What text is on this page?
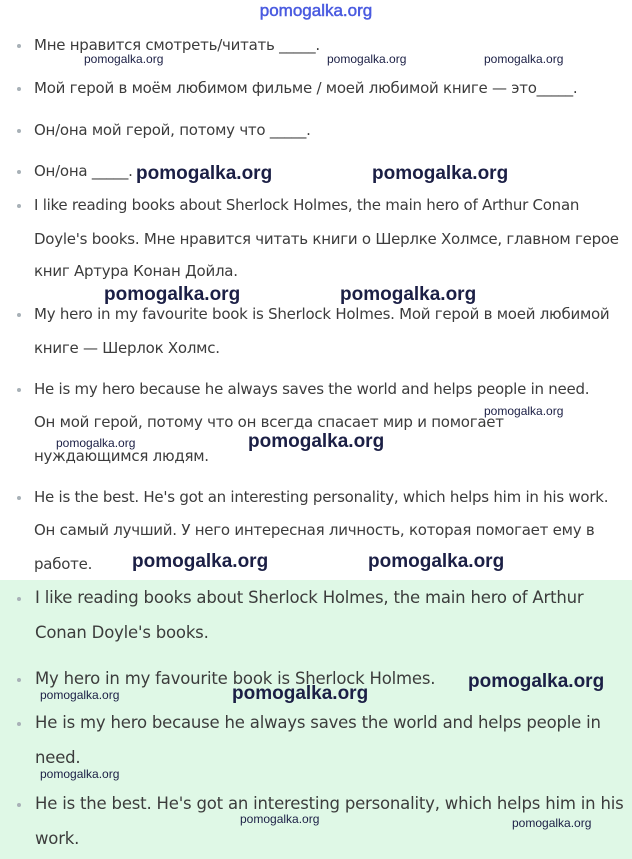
pomogalka.org
Мне нравится смотреть/читать _____.
Мой герой в моём любимом фильме / моей любимой книге — это_____.
Он/она мой герой, потому что _____.
Он/она _____.
I like reading books about Sherlock Holmes, the main hero of Arthur Conan
Doyle's books. Мне нравится читать книги о Шерлке Холмсе, главном герое
книг Артура Конан Дойла.
My hero in my favourite book is Sherlock Holmes. Мой герой в моей любимой
книге — Шерлок Холмс.
He is my hero because he always saves the world and helps people in need.
Он мой герой, потому что он всегда спасает мир и помогает
нуждающимся людям.
He is the best. He's got an interesting personality, which helps him in his work.
Он самый лучший. У него интересная личность, которая помогает ему в
работе.
I like reading books about Sherlock Holmes, the main hero of Arthur
Conan Doyle's books.
My hero in my favourite book is Sherlock Holmes.
He is my hero because he always saves the world and helps people in
need.
He is the best. He's got an interesting personality, which helps him in his
work.
pomogalka.org	pomogalka.org	pomogalka.org
pomogalka.org	pomogalka.org
pomogalka.org	pomogalka.org
pomogalka.org
pomogalka.org	pomogalka.org
pomogalka.org	pomogalka.org
pomogalka.org
pomogalka.org	pomogalka.org
pomogalka.org
pomogalka.org	pomogalka.org
